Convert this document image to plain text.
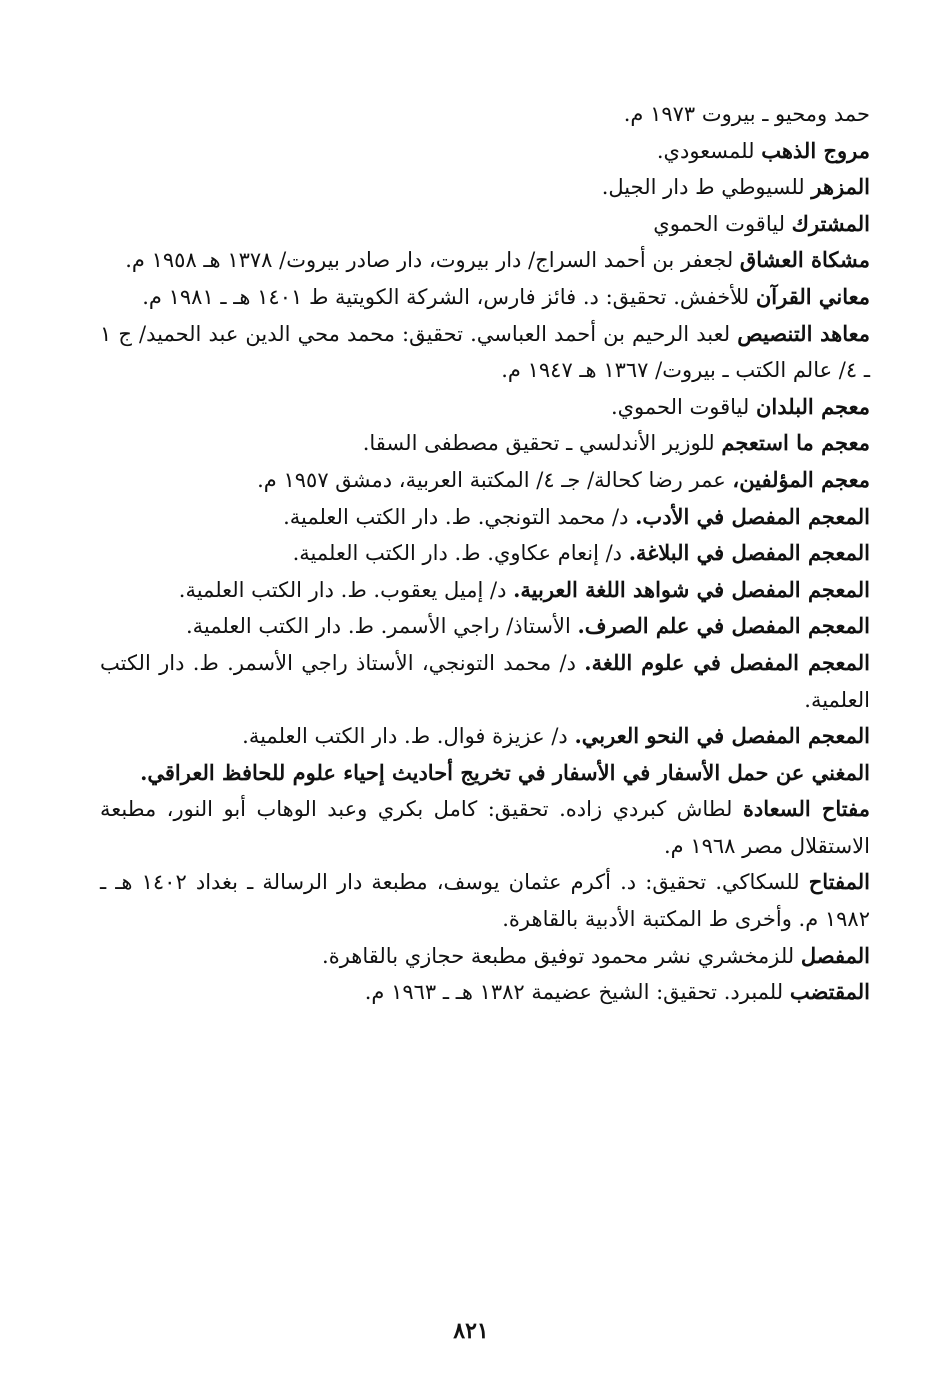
حمد ومحيو ـ بيروت ١٩٧٣ م.

مروج الذهب للمسعودي.

المزهر للسيوطي ط دار الجيل.

المشترك لياقوت الحموي

مشكاة العشاق لجعفر بن أحمد السراج/ دار بيروت، دار صادر بيروت/ ١٣٧٨ هـ ١٩٥٨ م.

معاني القرآن للأخفش. تحقيق: د. فائز فارس، الشركة الكويتية ط ١٤٠١ هـ ـ ١٩٨١ م.

معاهد التنصيص لعبد الرحيم بن أحمد العباسي. تحقيق: محمد محي الدين عبد الحميد/ ج ١ ـ ٤/ عالم الكتب ـ بيروت/ ١٣٦٧ هـ ١٩٤٧ م.

معجم البلدان لياقوت الحموي.

معجم ما استعجم للوزير الأندلسي ـ تحقيق مصطفى السقا.

معجم المؤلفين، عمر رضا كحالة/ جـ ٤/ المكتبة العربية، دمشق ١٩٥٧ م.

المعجم المفصل في الأدب. د/ محمد التونجي. ط. دار الكتب العلمية.

المعجم المفصل في البلاغة. د/ إنعام عكاوي. ط. دار الكتب العلمية.

المعجم المفصل في شواهد اللغة العربية. د/ إميل يعقوب. ط. دار الكتب العلمية.

المعجم المفصل في علم الصرف. الأستاذ/ راجي الأسمر. ط. دار الكتب العلمية.

المعجم المفصل في علوم اللغة. د/ محمد التونجي، الأستاذ راجي الأسمر. ط. دار الكتب العلمية.

المعجم المفصل في النحو العربي. د/ عزيزة فوال. ط. دار الكتب العلمية.

المغني عن حمل الأسفار في الأسفار في تخريج أحاديث إحياء علوم للحافظ العراقي.

مفتاح السعادة لطاش كبردي زاده. تحقيق: كامل بكري وعبد الوهاب أبو النور، مطبعة الاستقلال مصر ١٩٦٨ م.

المفتاح للسكاكي. تحقيق: د. أكرم عثمان يوسف، مطبعة دار الرسالة ـ بغداد ١٤٠٢ هـ ـ ١٩٨٢ م. وأخرى ط المكتبة الأدبية بالقاهرة.

المفصل للزمخشري نشر محمود توفيق مطبعة حجازي بالقاهرة.

المقتضب للمبرد. تحقيق: الشيخ عضيمة ١٣٨٢ هـ ـ ١٩٦٣ م.

٨٢١
